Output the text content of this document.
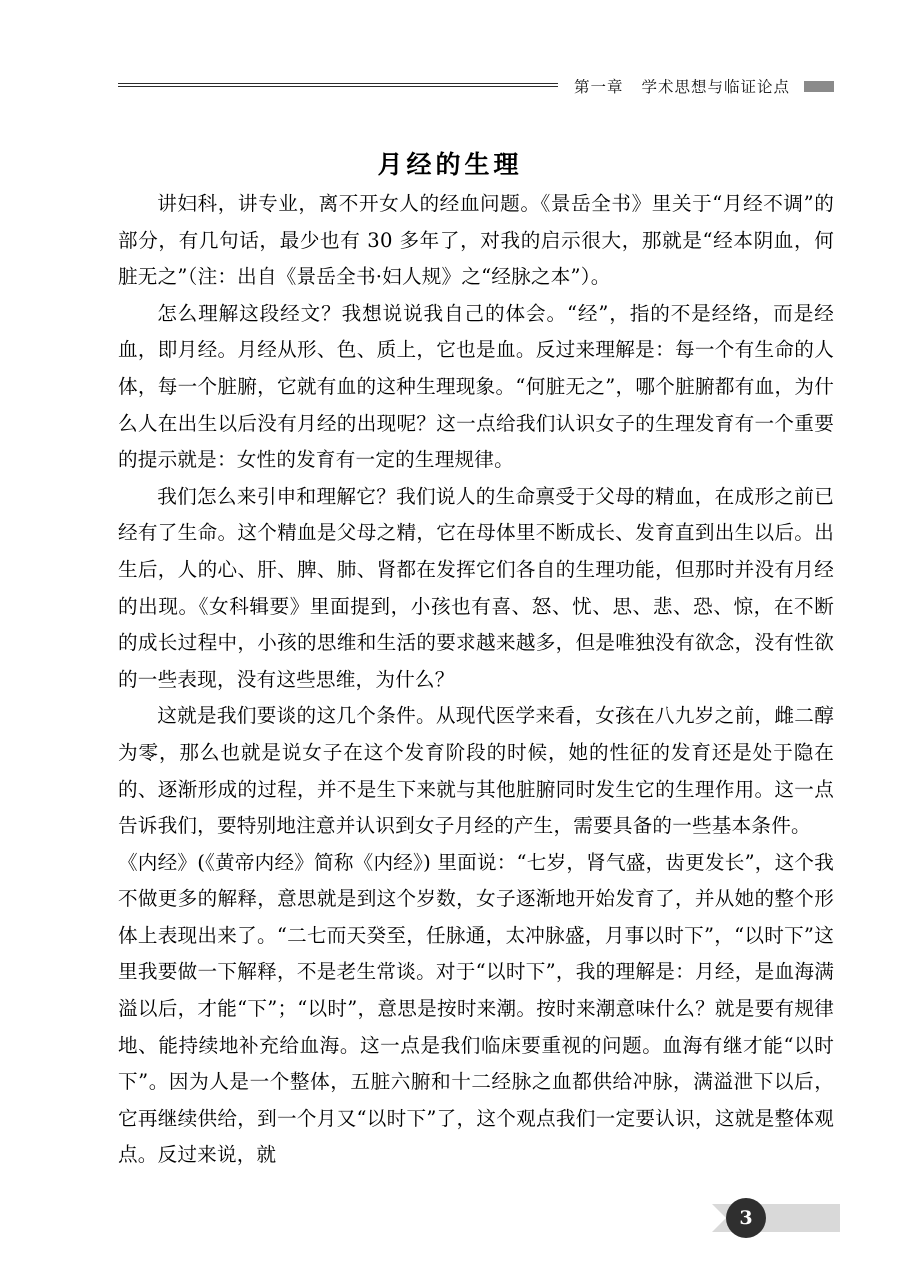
第一章 学术思想与临证论点
月经的生理

讲妇科，讲专业，离不开女人的经血问题。《景岳全书》里关于“月经不调”的部分，有几句话，最少也有 30 多年了，对我的启示很大，那就是“经本阴血，何脏无之”（注：出自《景岳全书·妇人规》之“经脉之本”）。

怎么理解这段经文？我想说说我自己的体会。“经”，指的不是经络，而是经血，即月经。月经从形、色、质上，它也是血。反过来理解是：每一个有生命的人体，每一个脏腑，它就有血的这种生理现象。“何脏无之”，哪个脏腑都有血，为什么人在出生以后没有月经的出现呢？这一点给我们认识女子的生理发育有一个重要的提示就是：女性的发育有一定的生理规律。

我们怎么来引申和理解它？我们说人的生命禀受于父母的精血，在成形之前已经有了生命。这个精血是父母之精，它在母体里不断成长、发育直到出生以后。出生后，人的心、肝、脾、肺、肾都在发挥它们各自的生理功能，但那时并没有月经的出现。《女科辑要》里面提到，小孩也有喜、怒、忧、思、悲、恐、惊，在不断的成长过程中，小孩的思维和生活的要求越来越多，但是唯独没有欲念，没有性欲的一些表现，没有这些思维，为什么？

这就是我们要谈的这几个条件。从现代医学来看，女孩在八九岁之前，雌二醇为零，那么也就是说女子在这个发育阶段的时候，她的性征的发育还是处于隐在的、逐渐形成的过程，并不是生下来就与其他脏腑同时发生它的生理作用。这一点告诉我们，要特别地注意并认识到女子月经的产生，需要具备的一些基本条件。

《内经》(《黄帝内经》简称《内经》) 里面说：“七岁，肾气盛，齿更发长”，这个我不做更多的解释，意思就是到这个岁数，女子逐渐地开始发育了，并从她的整个形体上表现出来了。“二七而天癸至，任脉通，太冲脉盛，月事以时下”，“以时下”这里我要做一下解释，不是老生常谈。对于“以时下”，我的理解是：月经，是血海满溢以后，才能“下”；“以时”，意思是按时来潮。按时来潮意味什么？就是要有规律地、能持续地补充给血海。这一点是我们临床要重视的问题。血海有继才能“以时下”。因为人是一个整体，五脏六腑和十二经脉之血都供给冲脉，满溢泄下以后，它再继续供给，到一个月又“以时下”了，这个观点我们一定要认识，这就是整体观点。反过来说，就

3
